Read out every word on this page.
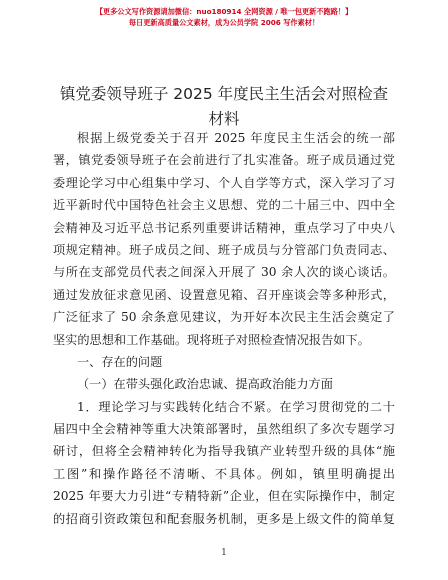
【更多公文写作资源请加微信：nuo180914 全网资源 / 唯一包更新不跑路！】
每日更新高质量公文素材，成为公员学院 2006 写作素材！
镇党委领导班子 2025 年度民主生活会对照检查
材料
根据上级党委关于召开 2025 年度民主生活会的统一部
署，镇党委领导班子在会前进行了扎实准备。班子成员通过党
委理论学习中心组集中学习、个人自学等方式，深入学习了习
近平新时代中国特色社会主义思想、党的二十届三中、四中全
会精神及习近平总书记系列重要讲话精神，重点学习了中央八
项规定精神。班子成员之间、班子成员与分管部门负责同志、
与所在支部党员代表之间深入开展了 30 余人次的谈心谈话。
通过发放征求意见函、设置意见箱、召开座谈会等多种形式，
广泛征求了 50 余条意见建议，为开好本次民主生活会奠定了
坚实的思想和工作基础。现将班子对照检查情况报告如下。
一、存在的问题
（一）在带头强化政治忠诚、提高政治能力方面
1．理论学习与实践转化结合不紧。在学习贯彻党的二十
届四中全会精神等重大决策部署时，虽然组织了多次专题学习
研讨，但将全会精神转化为指导我镇产业转型升级的具体“施
工图”和操作路径不清晰、不具体。例如，镇里明确提出
2025 年要大力引进“专精特新”企业，但在实际操作中，制定
的招商引资政策包和配套服务机制，更多是上级文件的简单复
1
